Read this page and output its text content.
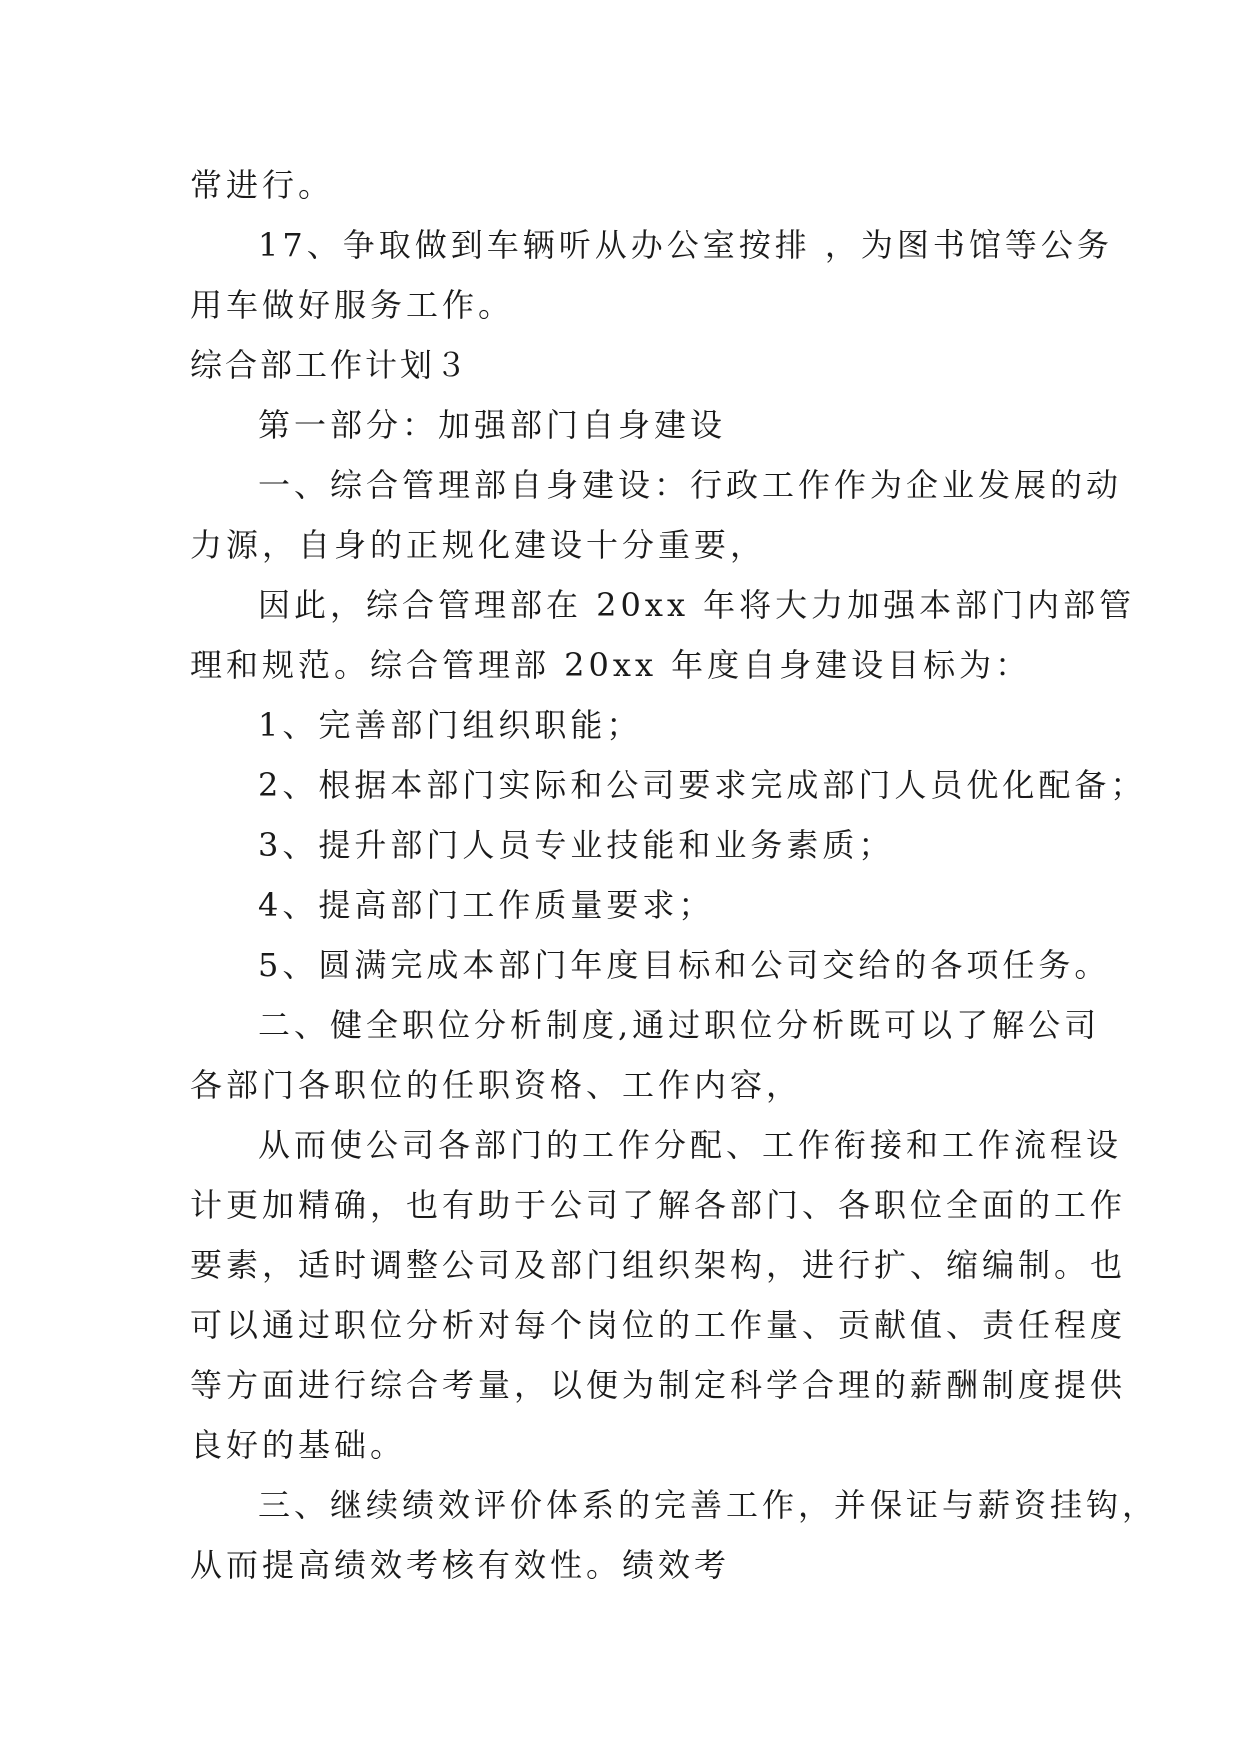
常进行。
17、争取做到车辆听从办公室按排 ，为图书馆等公务
用车做好服务工作。
综合部工作计划３
第一部分：加强部门自身建设
一、综合管理部自身建设：行政工作作为企业发展的动
力源，自身的正规化建设十分重要，
因此，综合管理部在 20xx 年将大力加强本部门内部管
理和规范。综合管理部 20xx 年度自身建设目标为：
1、完善部门组织职能；
2、根据本部门实际和公司要求完成部门人员优化配备；
3、提升部门人员专业技能和业务素质；
4、提高部门工作质量要求；
5、圆满完成本部门年度目标和公司交给的各项任务。
二、健全职位分析制度,通过职位分析既可以了解公司
各部门各职位的任职资格、工作内容，
从而使公司各部门的工作分配、工作衔接和工作流程设
计更加精确，也有助于公司了解各部门、各职位全面的工作
要素，适时调整公司及部门组织架构，进行扩、缩编制。也
可以通过职位分析对每个岗位的工作量、贡献值、责任程度
等方面进行综合考量，以便为制定科学合理的薪酬制度提供
良好的基础。
三、继续绩效评价体系的完善工作，并保证与薪资挂钩，
从而提高绩效考核有效性。绩效考
